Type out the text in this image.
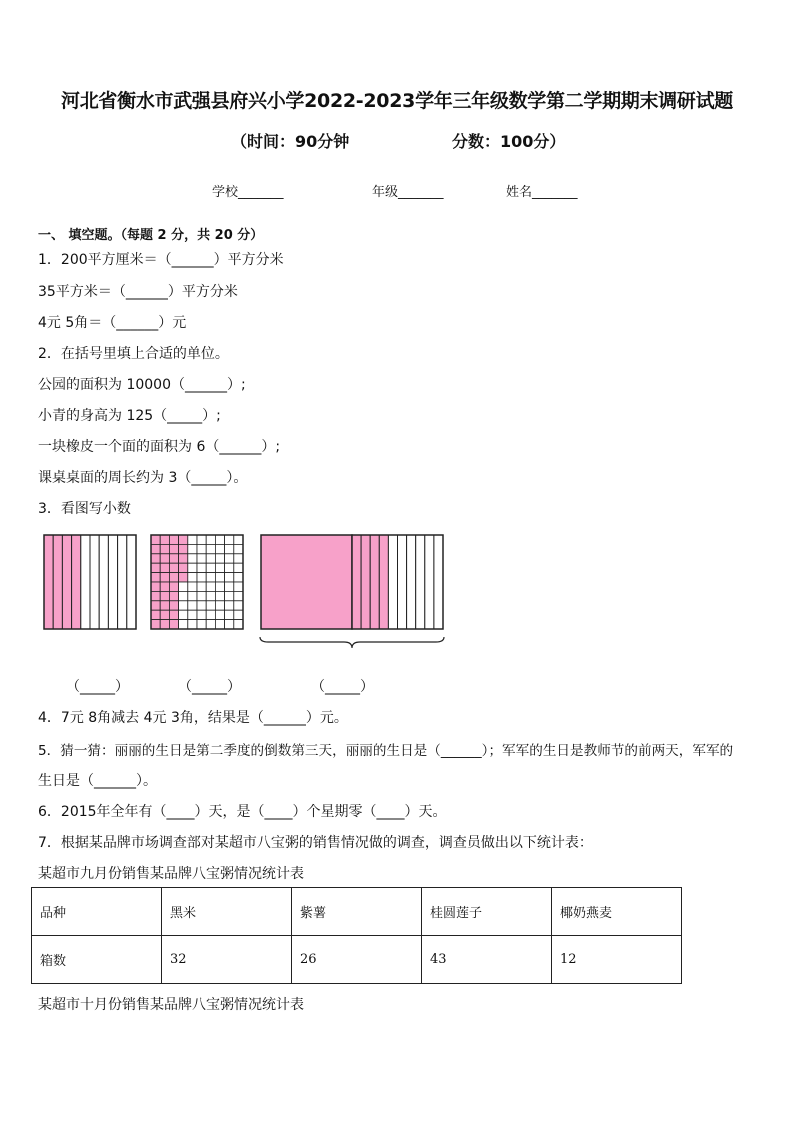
河北省衡水市武强县府兴小学2022-2023学年三年级数学第二学期期末调研试题
（时间：90分钟	分数：100分）
学校_______	年级_______	姓名_______
一、 填空题。（每题 2 分，共 20 分）
1．200平方厘米＝（______）平方分米
35平方米＝（______）平方分米
4元 5角＝（______）元
2．在括号里填上合适的单位。
公园的面积为 10000（______）;
小青的身高为 125（_____）;
一块橡皮一个面的面积为 6（______）;
课桌桌面的周长约为 3（_____）。
3．看图写小数
（_____）	（_____）	（_____）
4．7元 8角减去 4元 3角，结果是（______）元。
5．猜一猜：丽丽的生日是第二季度的倒数第三天，丽丽的生日是（______）；军军的生日是教师节的前两天，军军的
生日是（______）。
6．2015年全年有（____）天，是（____）个星期零（____）天。
7．根据某品牌市场调查部对某超市八宝粥的销售情况做的调查，调查员做出以下统计表：
某超市九月份销售某品牌八宝粥情况统计表
品种	黑米	紫薯	桂圆莲子	椰奶燕麦
箱数	32	26	43	12
某超市十月份销售某品牌八宝粥情况统计表
